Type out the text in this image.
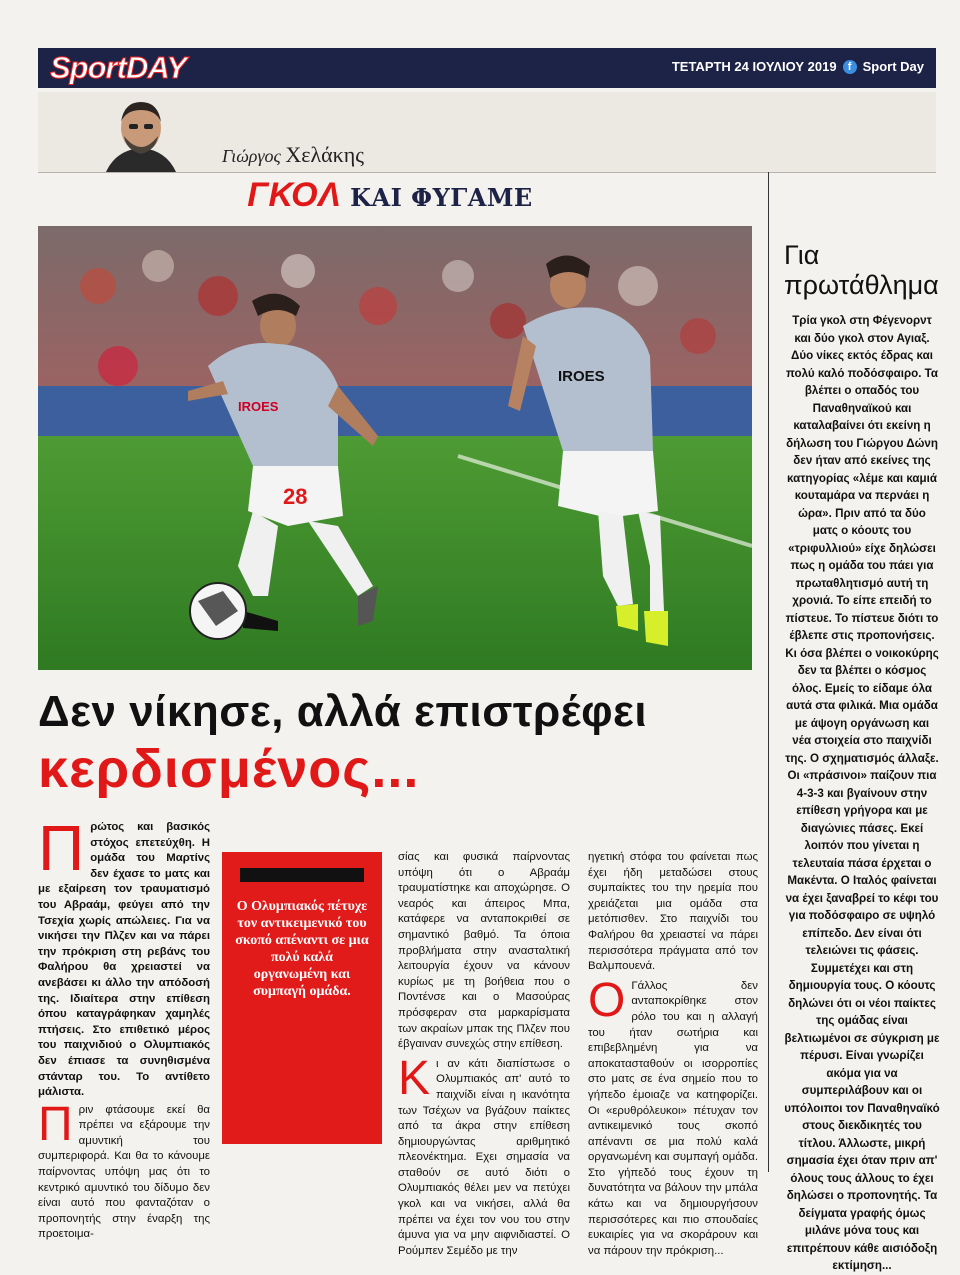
SportDAY	ΤΕΤΑΡΤΗ 24 ΙΟΥΛΙΟΥ 2019	f Sport Day
Γιώργος Χελάκης
ΓΚΟΛ ΚΑΙ ΦΥΓΑΜΕ
IROES
28
IROES
Δεν νίκησε, αλλά επιστρέφει
κερδισμένος...
Για πρωτάθλημα
Τρία γκολ στη Φέγενορντ και δύο γκολ στον Αγιαξ. Δύο νίκες εκτός έδρας και πολύ καλό ποδόσφαιρο. Τα βλέπει ο οπαδός του Παναθηναϊκού και καταλαβαίνει ότι εκείνη η δήλωση του Γιώργου Δώνη δεν ήταν από εκείνες της κατηγορίας «λέμε και καμιά κουταμάρα να περνάει η ώρα». Πριν από τα δύο ματς ο κόουτς του «τριφυλλιού» είχε δηλώσει πως η ομάδα του πάει για πρωταθλητισμό αυτή τη χρονιά. Το είπε επειδή το πίστευε. Το πίστευε διότι το έβλεπε στις προπονήσεις. Κι όσα βλέπει ο νοικοκύρης δεν τα βλέπει ο κόσμος όλος. Εμείς το είδαμε όλα αυτά στα φιλικά. Μια ομάδα με άψογη οργάνωση και νέα στοιχεία στο παιχνίδι της. Ο σχηματισμός άλλαξε. Οι «πράσινοι» παίζουν πια 4-3-3 και βγαίνουν στην επίθεση γρήγορα και με διαγώνιες πάσες. Εκεί λοιπόν που γίνεται η τελευταία πάσα έρχεται ο Μακέντα. Ο Ιταλός φαίνεται να έχει ξαναβρεί το κέφι του για ποδόσφαιρο σε υψηλό επίπεδο. Δεν είναι ότι τελειώνει τις φάσεις. Συμμετέχει και στη δημιουργία τους. Ο κόουτς δηλώνει ότι οι νέοι παίκτες της ομάδας είναι βελτιωμένοι σε σύγκριση με πέρυσι. Είναι γνωρίζει ακόμα για να συμπεριλάβουν και οι υπόλοιποι τον Παναθηναϊκό στους διεκδικητές του τίτλου. Άλλωστε, μικρή σημασία έχει όταν πριν απ' όλους τους άλλους το έχει δηλώσει ο προπονητής. Τα δείγματα γραφής όμως μιλάνε μόνα τους και επιτρέπουν κάθε αισιόδοξη εκτίμηση...
Π ρώτος και βασικός στόχος επετεύχθη. Η ομάδα του Μαρτίνς δεν έχασε το ματς και με εξαίρεση τον τραυματισμό του Αβραάμ, φεύγει από την Τσεχία χωρίς απώλειες. Για να νικήσει την Πλζεν και να πάρει την πρόκριση στη ρεβάνς του Φαλήρου θα χρειαστεί να ανεβάσει κι άλλο την απόδοσή της. Ιδιαίτερα στην επίθεση όπου καταγράφηκαν χαμηλές πτήσεις. Στο επιθετικό μέρος του παιχνιδιού ο Ολυμπιακός δεν έπιασε τα συνηθισμένα στάνταρ του. Το αντίθετο μάλιστα.
Π ριν φτάσουμε εκεί θα πρέπει να εξάρουμε την αμυντική του συμπεριφορά. Και θα το κάνουμε παίρνοντας υπόψη μας ότι το κεντρικό αμυντικό του δίδυμο δεν είναι αυτό που φανταζόταν ο προπονητής στην έναρξη της προετοιμα-
Ο Ολυμπιακός πέτυχε τον αντικειμενικό του σκοπό απέναντι σε μια πολύ καλά οργανωμένη και συμπαγή ομάδα.
σίας και φυσικά παίρνοντας υπόψη ότι ο Αβραάμ τραυματίστηκε και αποχώρησε. Ο νεαρός και άπειρος Μπα, κατάφερε να ανταποκριθεί σε σημαντικό βαθμό. Τα όποια προβλήματα στην ανασταλτική λειτουργία έχουν να κάνουν κυρίως με τη βοήθεια που ο Ποντένσε και ο Μασούρας πρόσφεραν στα μαρκαρίσματα των ακραίων μπακ της Πλζεν που έβγαιναν συνεχώς στην επίθεση.
Κ ι αν κάτι διαπίστωσε ο Ολυμπιακός απ' αυτό το παιχνίδι είναι η ικανότητα των Τσέχων να βγάζουν παίκτες από τα άκρα στην επίθεση δημιουργώντας αριθμητικό πλεονέκτημα. Εχει σημασία να σταθούν σε αυτό διότι ο Ολυμπιακός θέλει μεν να πετύχει γκολ και να νικήσει, αλλά θα πρέπει να έχει τον νου του στην άμυνα για να μην αιφνιδιαστεί. Ο Ρούμπεν Σεμέδο με την
ηγετική στόφα του φαίνεται πως έχει ήδη μεταδώσει στους συμπαίκτες του την ηρεμία που χρειάζεται μια ομάδα στα μετόπισθεν. Στο παιχνίδι του Φαλήρου θα χρειαστεί να πάρει περισσότερα πράγματα από τον Βαλμπουενά.
Ο Γάλλος δεν ανταποκρίθηκε στον ρόλο του και η αλλαγή του ήταν σωτήρια και επιβεβλημένη για να αποκατασταθούν οι ισορροπίες στο ματς σε ένα σημείο που το γήπεδο έμοιαζε να κατηφορίζει. Οι «ερυθρόλευκοι» πέτυχαν τον αντικειμενικό τους σκοπό απέναντι σε μια πολύ καλά οργανωμένη και συμπαγή ομάδα. Στο γήπεδό τους έχουν τη δυνατότητα να βάλουν την μπάλα κάτω και να δημιουργήσουν περισσότερες και πιο σπουδαίες ευκαιρίες για να σκοράρουν και να πάρουν την πρόκριση...
